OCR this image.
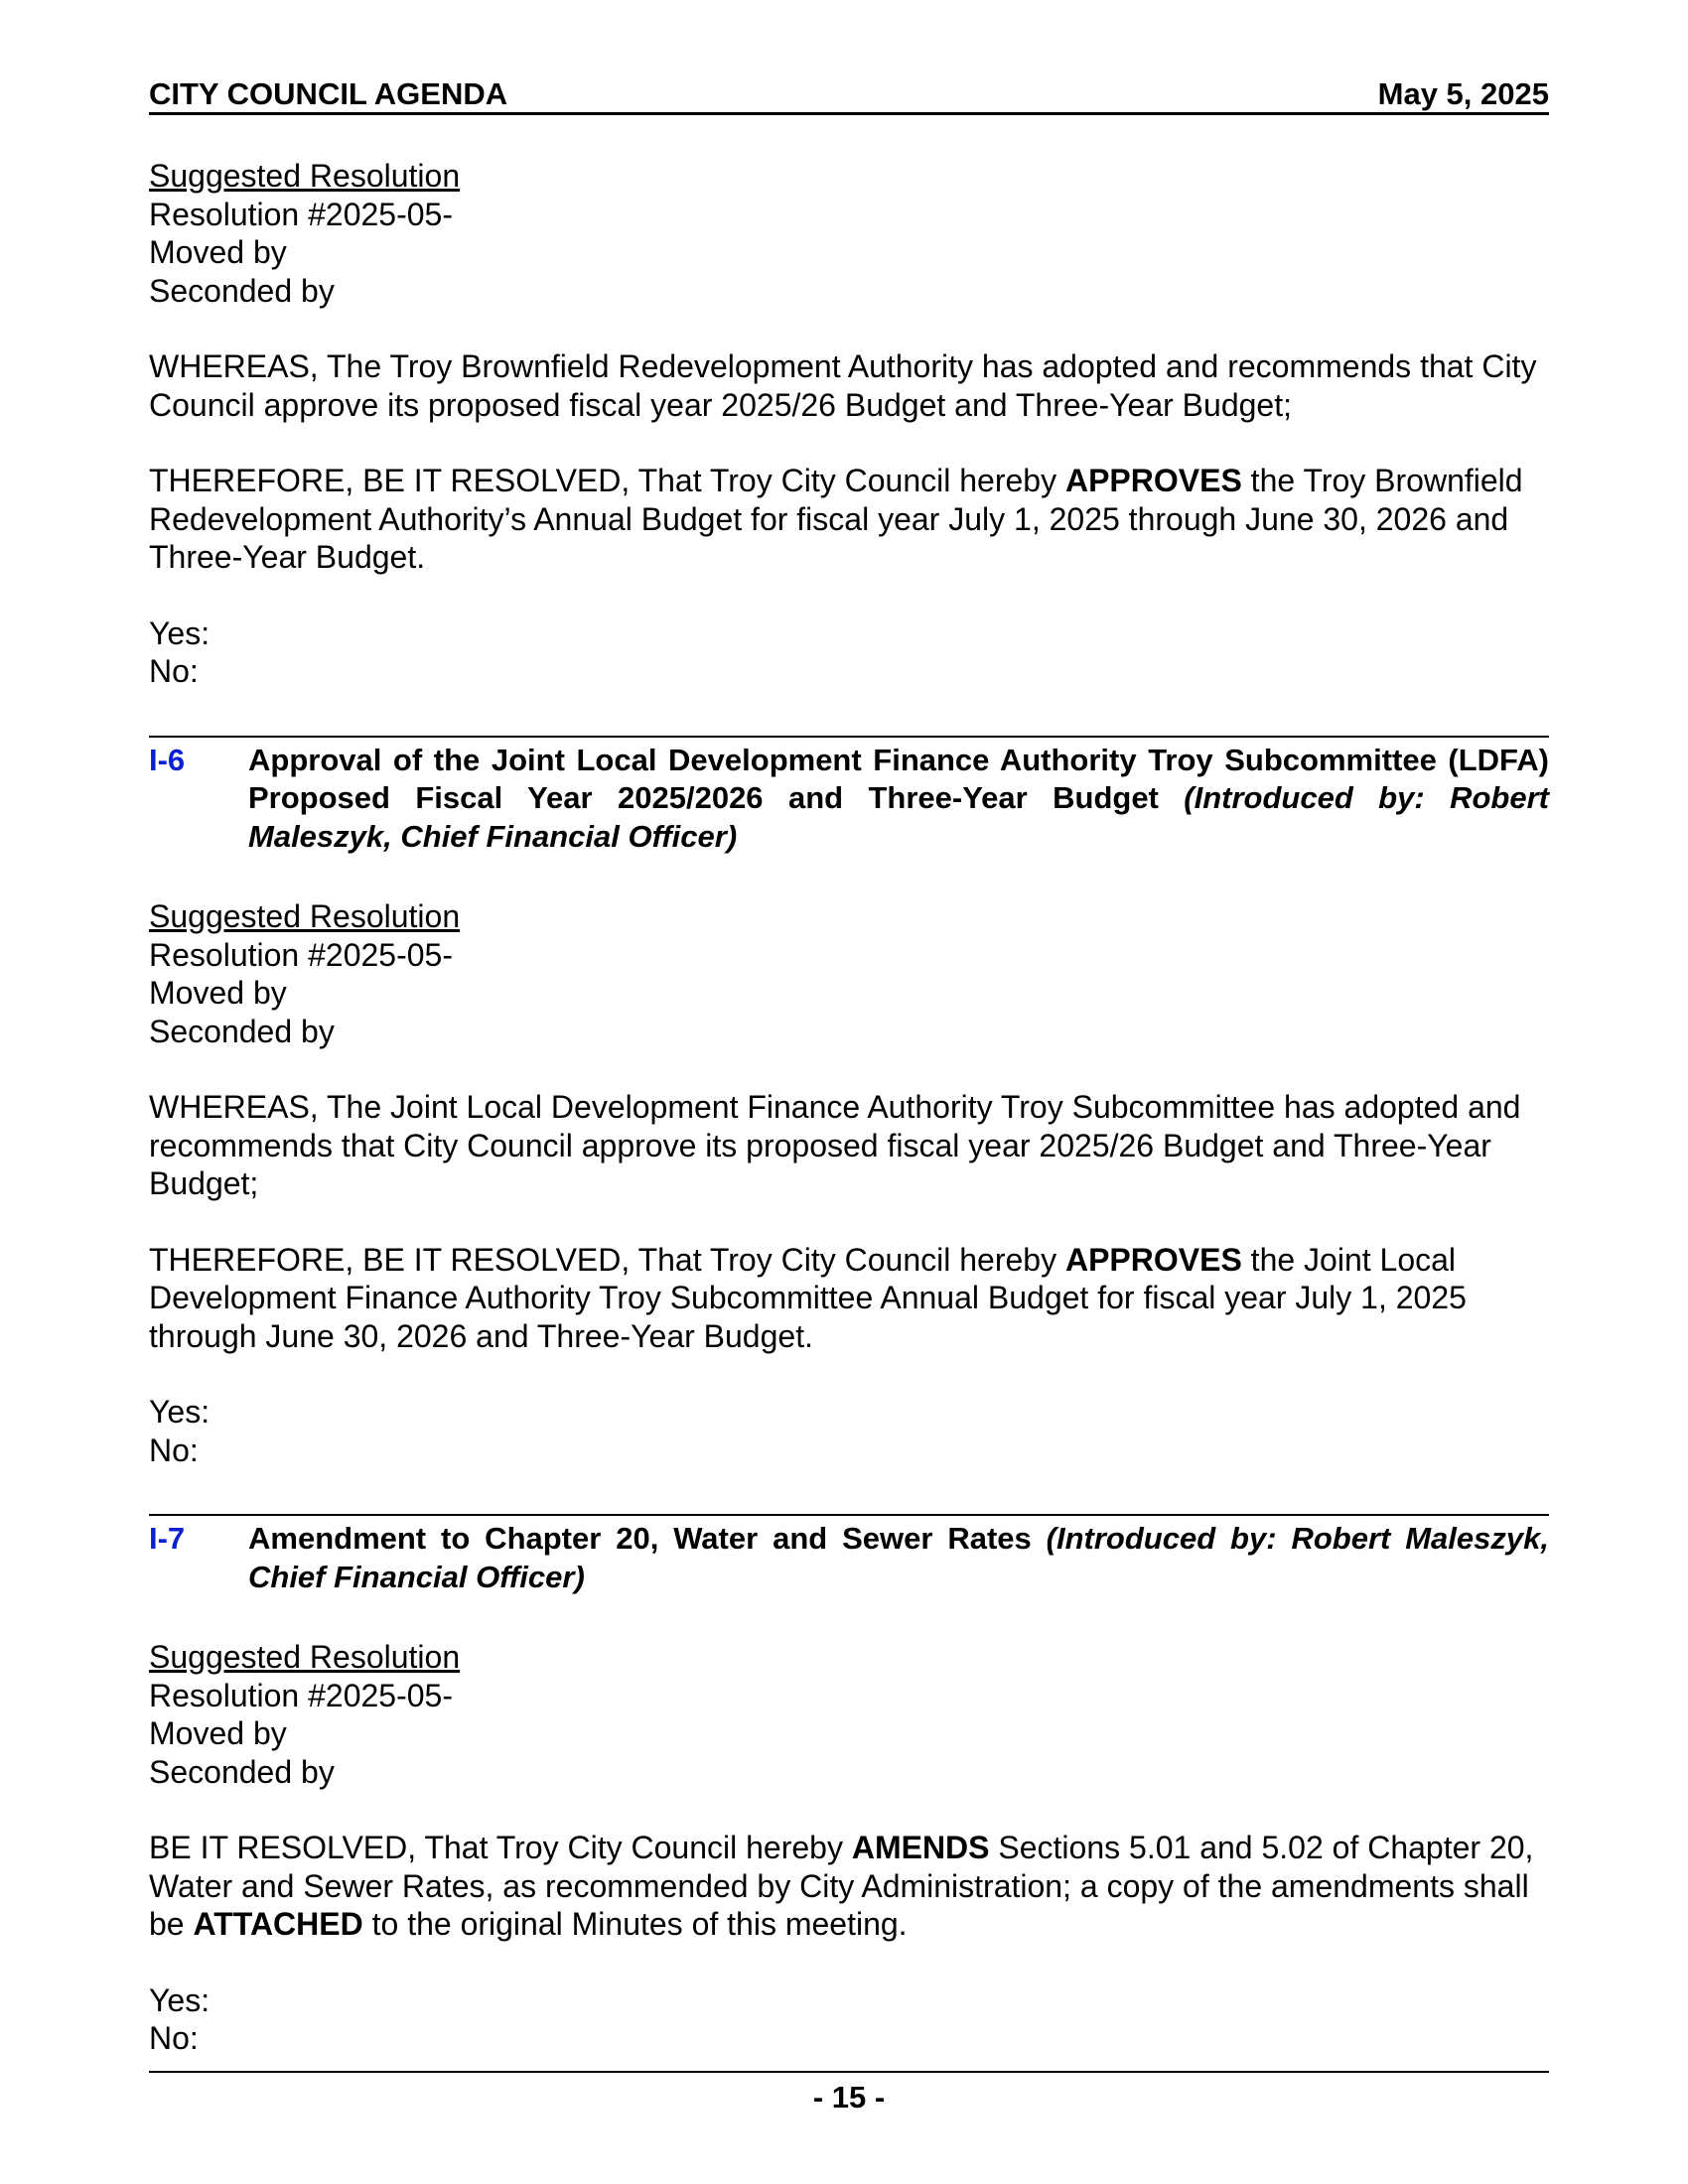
CITY COUNCIL AGENDA	May 5, 2025
Suggested Resolution
Resolution #2025-05-
Moved by
Seconded by
WHEREAS, The Troy Brownfield Redevelopment Authority has adopted and recommends that City Council approve its proposed fiscal year 2025/26 Budget and Three-Year Budget;
THEREFORE, BE IT RESOLVED, That Troy City Council hereby APPROVES the Troy Brownfield Redevelopment Authority’s Annual Budget for fiscal year July 1, 2025 through June 30, 2026 and Three-Year Budget.
Yes:
No:
I-6	Approval of the Joint Local Development Finance Authority Troy Subcommittee (LDFA) Proposed Fiscal Year 2025/2026 and Three-Year Budget (Introduced by: Robert Maleszyk, Chief Financial Officer)
Suggested Resolution
Resolution #2025-05-
Moved by
Seconded by
WHEREAS, The Joint Local Development Finance Authority Troy Subcommittee has adopted and recommends that City Council approve its proposed fiscal year 2025/26 Budget and Three-Year Budget;
THEREFORE, BE IT RESOLVED, That Troy City Council hereby APPROVES the Joint Local Development Finance Authority Troy Subcommittee Annual Budget for fiscal year July 1, 2025 through June 30, 2026 and Three-Year Budget.
Yes:
No:
I-7	Amendment to Chapter 20, Water and Sewer Rates (Introduced by: Robert Maleszyk, Chief Financial Officer)
Suggested Resolution
Resolution #2025-05-
Moved by
Seconded by
BE IT RESOLVED, That Troy City Council hereby AMENDS Sections 5.01 and 5.02 of Chapter 20, Water and Sewer Rates, as recommended by City Administration; a copy of the amendments shall be ATTACHED to the original Minutes of this meeting.
Yes:
No:
- 15 -
